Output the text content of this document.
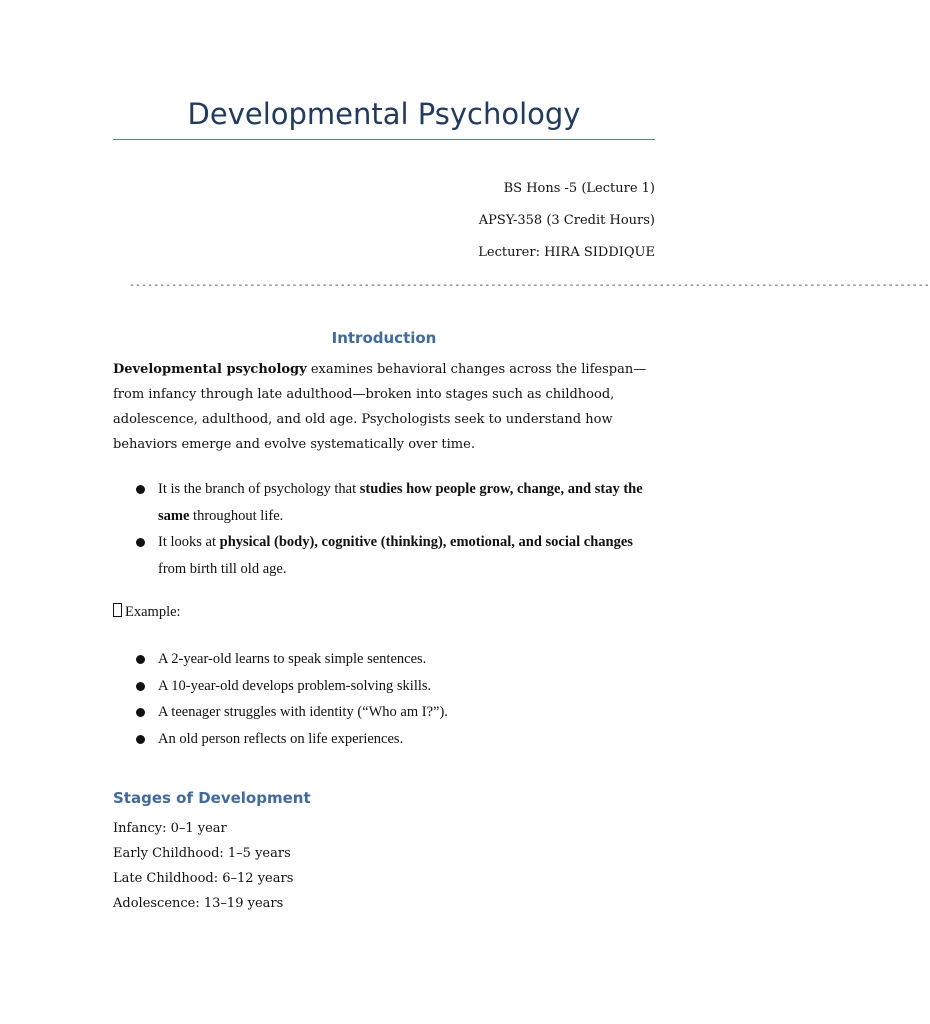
Developmental Psychology
BS Hons -5 (Lecture 1)
APSY-358 (3 Credit Hours)
Lecturer: HIRA SIDDIQUE
-------------------------------------------------------------------------------------------------------------------------------------
Introduction
Developmental psychology examines behavioral changes across the lifespan—from infancy through late adulthood—broken into stages such as childhood, adolescence, adulthood, and old age. Psychologists seek to understand how behaviors emerge and evolve systematically over time.
It is the branch of psychology that studies how people grow, change, and stay the same throughout life.
It looks at physical (body), cognitive (thinking), emotional, and social changes from birth till old age.
Example:
A 2-year-old learns to speak simple sentences.
A 10-year-old develops problem-solving skills.
A teenager struggles with identity (“Who am I?”).
An old person reflects on life experiences.
Stages of Development
Infancy: 0–1 year
Early Childhood: 1–5 years
Late Childhood: 6–12 years
Adolescence: 13–19 years
